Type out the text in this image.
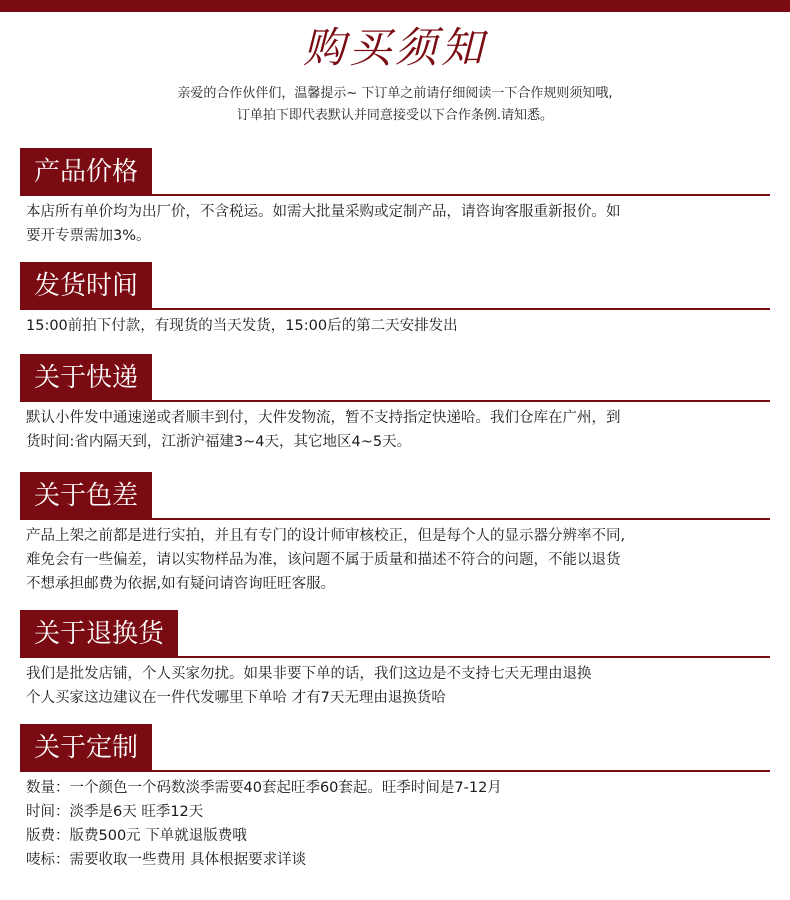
购买须知
亲爱的合作伙伴们，温馨提示~ 下订单之前请仔细阅读一下合作规则须知哦,
订单拍下即代表默认并同意接受以下合作条例.请知悉。
产品价格
本店所有单价均为出厂价，不含税运。如需大批量采购或定制产品，请咨询客服重新报价。如
要开专票需加3%。
发货时间
15:00前拍下付款，有现货的当天发货，15:00后的第二天安排发出
关于快递
默认小件发中通速递或者顺丰到付，大件发物流，暂不支持指定快递哈。我们仓库在广州，到
货时间:省内隔天到，江浙沪福建3~4天，其它地区4~5天。
关于色差
产品上架之前都是进行实拍，并且有专门的设计师审核校正，但是每个人的显示器分辨率不同,
难免会有一些偏差，请以实物样品为准，该问题不属于质量和描述不符合的问题，不能以退货
不想承担邮费为依据,如有疑问请咨询旺旺客服。
关于退换货
我们是批发店铺，个人买家勿扰。如果非要下单的话，我们这边是不支持七天无理由退换
个人买家这边建议在一件代发哪里下单哈 才有7天无理由退换货哈
关于定制
数量：一个颜色一个码数淡季需要40套起旺季60套起。旺季时间是7-12月
时间：淡季是6天 旺季12天
版费：版费500元 下单就退版费哦
唛标：需要收取一些费用 具体根据要求详谈
